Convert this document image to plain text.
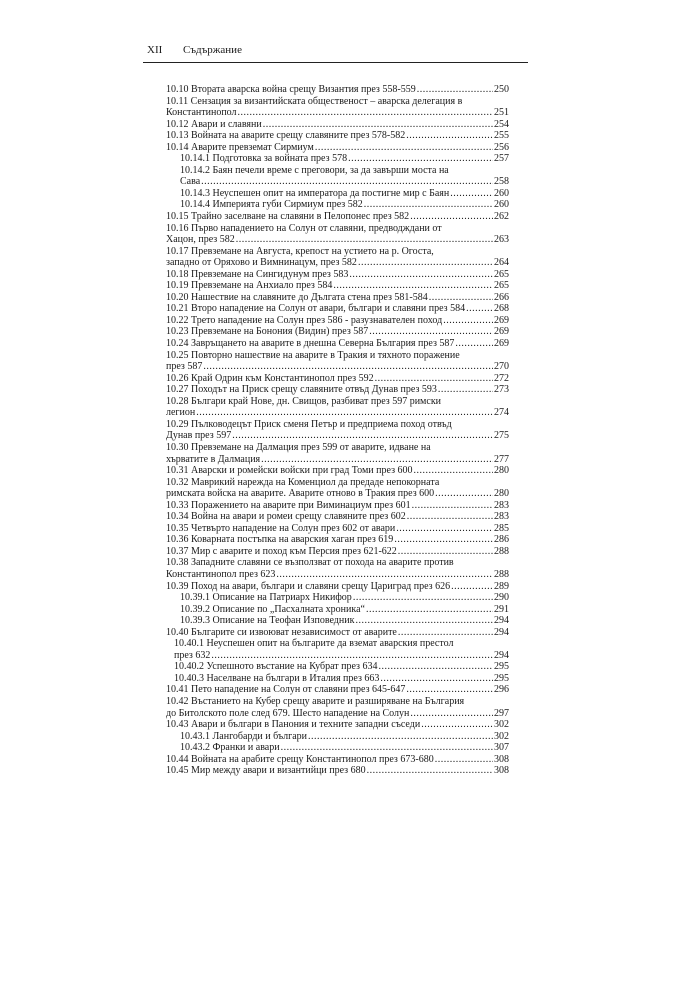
XII Съдържание
10.10 Втората аварска война срещу Византия през 558-559 .....	250
10.11 Сензация за византийската общественост – аварска делегация в
Константинопол .....	251
10.12 Авари и славяни .....	254
10.13 Войната на аварите срещу славяните през 578-582 .....	255
10.14 Аварите превземат Сирмиум .....	256
10.14.1 Подготовка за войната през 578 .....	257
10.14.2 Баян печели време с преговори, за да завърши моста на
Сава .....	258
10.14.3 Неуспешен опит на императора да постигне мир с Баян .....	260
10.14.4 Империята губи Сирмиум през 582 .....	260
10.15 Трайно заселване на славяни в Пелопонес през 582 .....	262
10.16 Първо нападението на Солун от славяни, предводждани от
Хацон, през 582 .....	263
10.17 Превземане на Августа, крепост на устието на р. Огоста,
западно от Оряхово и Вимнинацум, през 582 .....	264
10.18 Превземане на Сингидунум през 583 .....	265
10.19 Превземане на Анхиало през 584 .....	265
10.20 Нашествие на славяните до Дългата стена през 581-584 .....	266
10.21 Второ нападение на Солун от авари, българи и славяни през 584 .....	268
10.22 Трето нападение на Солун през 586 - разузнавателен поход .....	269
10.23 Превземане на Бонония (Видин) през 587 .....	269
10.24 Завръщането на аварите в днешна Северна България през 587 .....	269
10.25 Повторно нашествие на аварите в Тракия и тяхното поражение
през 587 .....	270
10.26 Край Одрин към Константинопол през 592 .....	272
10.27 Походът на Приск срещу славяните отвъд Дунав през 593 .....	273
10.28 Българи край Нове, дн. Свищов, разбиват през 597 римски
легион .....	274
10.29 Пълководецът Приск сменя Петър и предприема поход отвъд
Дунав през 597 .....	275
10.30 Превземане на Далмация през 599 от аварите, идване на
хърватите в Далмация .....	277
10.31 Аварски и ромейски войски при град Томи през 600 .....	280
10.32 Маврикий нарежда на Коменциол да предаде непокорната
римската войска на аварите. Аварите отново в Тракия през 600 .....	280
10.33 Поражението на аварите при Виминациум през 601 .....	283
10.34 Война на авари и ромеи срещу славяните през 602 .....	283
10.35 Четвърто нападение на Солун през 602 от авари .....	285
10.36 Коварната постъпка на аварския хаган през 619 .....	286
10.37 Мир с аварите и поход към Персия през 621-622 .....	288
10.38 Западните славяни се възползват от похода на аварите против
Константинопол през 623 .....	288
10.39 Поход на авари, българи и славяни срещу Цариград през 626 .....	289
10.39.1 Описание на Патриарх Никифор .....	290
10.39.2 Описание по „Пасхалната хроника“ .....	291
10.39.3 Описание на Теофан Изповедник .....	294
10.40 Българите си извоюват независимост от аварите .....	294
10.40.1 Неуспешен опит на българите да вземат аварския престол
през 632 .....	294
10.40.2 Успешното въстание на Кубрат през 634 .....	295
10.40.3 Населване на българи в Италия през 663 .....	295
10.41 Пето нападение на Солун от славяни през 645-647 .....	296
10.42 Въстанието на Кубер срещу аварите и разширяване на България
до Битолското поле след 679. Шесто нападение на Солун .....	297
10.43 Авари и българи в Панония и техните западни съседи .....	302
10.43.1 Лангобарди и българи .....	302
10.43.2 Франки и авари .....	307
10.44 Войната на арабите срещу Константинопол през 673-680 .....	308
10.45 Мир между авари и византийци през 680 .....	308
